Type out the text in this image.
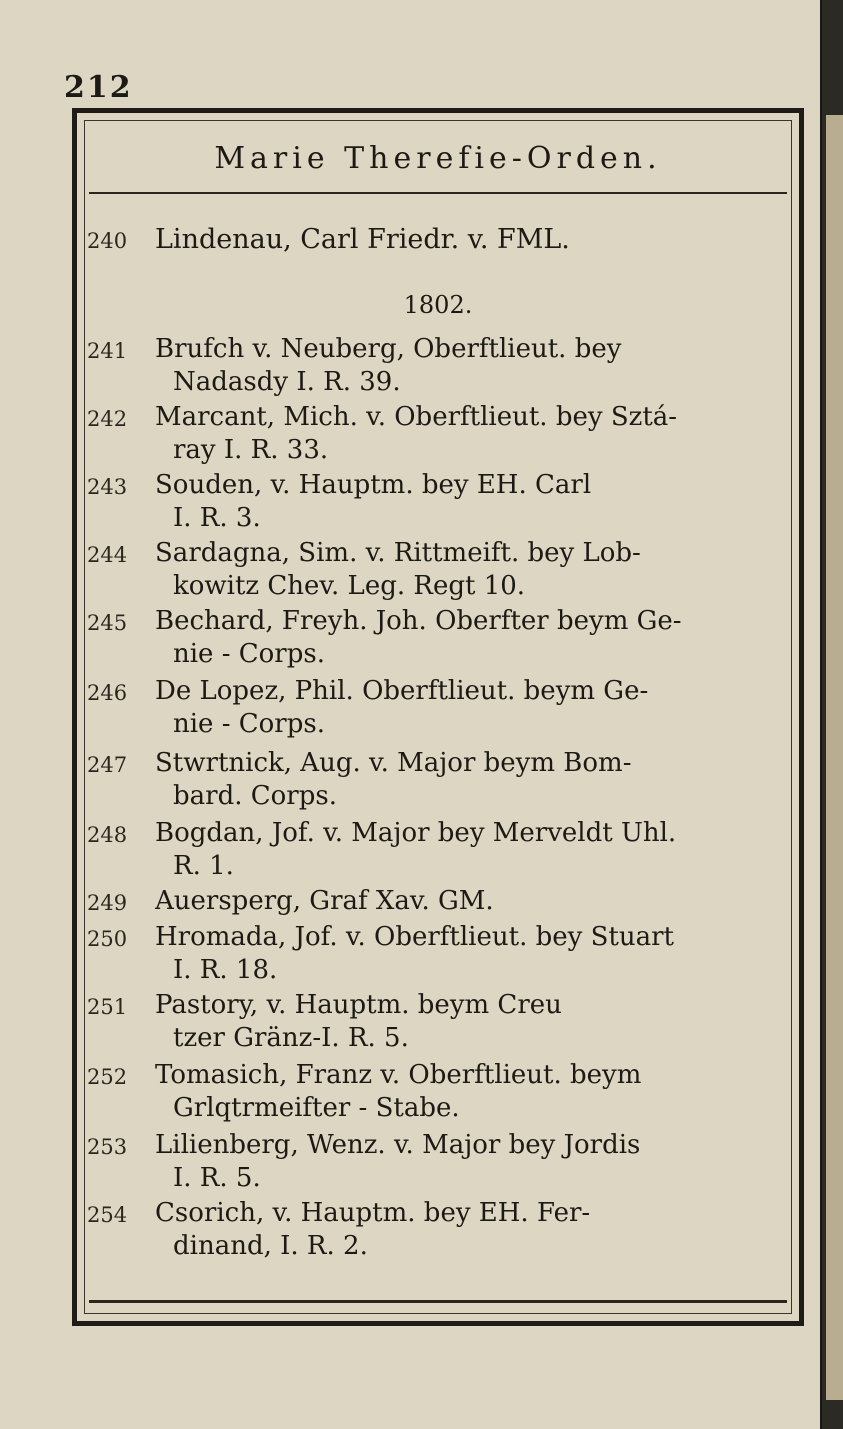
212
Marie Therefie-Orden.
240	Lindenau, Carl Friedr. v. FML.
1802.
241	Brufch v. Neuberg, Oberftlieut. bey
Nadasdy I. R. 39.
242	Marcant, Mich. v. Oberftlieut. bey Sztá-
ray I. R. 33.
243	Souden, v. Hauptm. bey EH. Carl
I. R. 3.
244	Sardagna, Sim. v. Rittmeift. bey Lob-
kowitz Chev. Leg. Regt 10.
245	Bechard, Freyh. Joh. Oberfter beym Ge-
nie - Corps.
246	De Lopez, Phil. Oberftlieut. beym Ge-
nie - Corps.
247	Stwrtnick, Aug. v. Major beym Bom-
bard. Corps.
248	Bogdan, Jof. v. Major bey Merveldt Uhl.
R. 1.
249	Auersperg, Graf Xav. GM.
250	Hromada, Jof. v. Oberftlieut. bey Stuart
I. R. 18.
251	Pastory, v. Hauptm. beym Creu
tzer Gränz-I. R. 5.
252	Tomasich, Franz v. Oberftlieut. beym
Grlqtrmeifter - Stabe.
253	Lilienberg, Wenz. v. Major bey Jordis
I. R. 5.
254	Csorich, v. Hauptm. bey EH. Fer-
dinand, I. R. 2.
